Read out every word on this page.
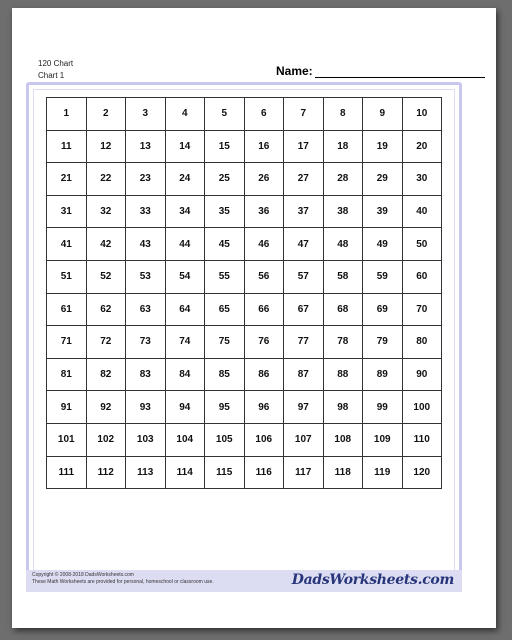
120 Chart
Chart 1	Name:
1	2	3	4	5	6	7	8	9	10
11	12	13	14	15	16	17	18	19	20
21	22	23	24	25	26	27	28	29	30
31	32	33	34	35	36	37	38	39	40
41	42	43	44	45	46	47	48	49	50
51	52	53	54	55	56	57	58	59	60
61	62	63	64	65	66	67	68	69	70
71	72	73	74	75	76	77	78	79	80
81	82	83	84	85	86	87	88	89	90
91	92	93	94	95	96	97	98	99	100
101	102	103	104	105	106	107	108	109	110
111	112	113	114	115	116	117	118	119	120
Copyright © 2008-2018 DadsWorksheets.com
These Math Worksheets are provided for personal, homeschool or classroom use.	DadsWorksheets.com
